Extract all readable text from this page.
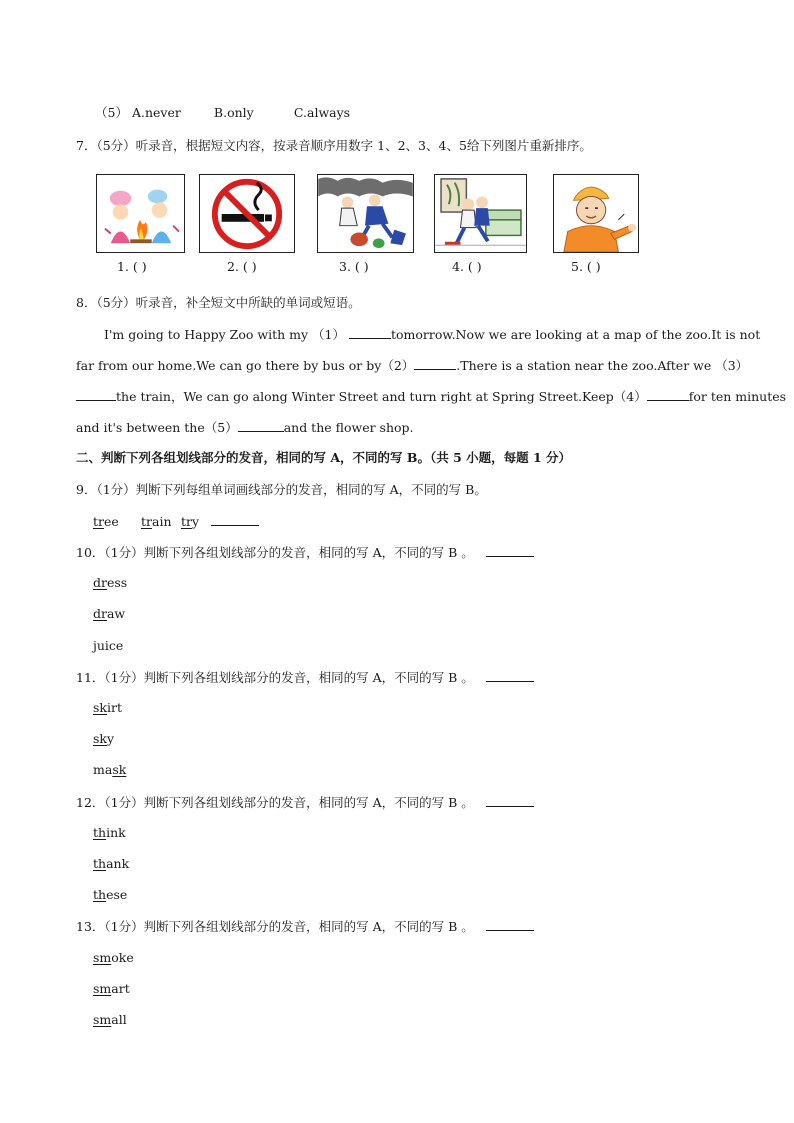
（5） A.never	B.only	C.always
7．（5分）听录音，根据短文内容，按录音顺序用数字 1、2、3、4、5给下列图片重新排序。
1. ( )	2. ( )	3. ( )	4. ( )	5. ( )
8．（5分）听录音，补全短文中所缺的单词或短语。
I'm going to Happy Zoo with my （1）	tomorrow.Now we are looking at a map of the zoo.It is not
far from our home.We can go there by bus or by（2）	.There is a station near the zoo.After we （3）
the train，We can go along Winter Street and turn right at Spring Street.Keep（4）	for ten minutes
and it's between the（5）	and the flower shop.
二、判断下列各组划线部分的发音，相同的写 A，不同的写 B。（共 5 小题，每题 1 分）
9．（1分）判断下列每组单词画线部分的发音，相同的写 A，不同的写 B。
tree train try
10．（1分）判断下列各组划线部分的发音，相同的写 A，不同的写 B 。
dress
draw
juice
11．（1分）判断下列各组划线部分的发音，相同的写 A，不同的写 B 。
skirt
sky
mask
12．（1分）判断下列各组划线部分的发音，相同的写 A，不同的写 B 。
think
thank
these
13．（1分）判断下列各组划线部分的发音，相同的写 A，不同的写 B 。
smoke
smart
small
